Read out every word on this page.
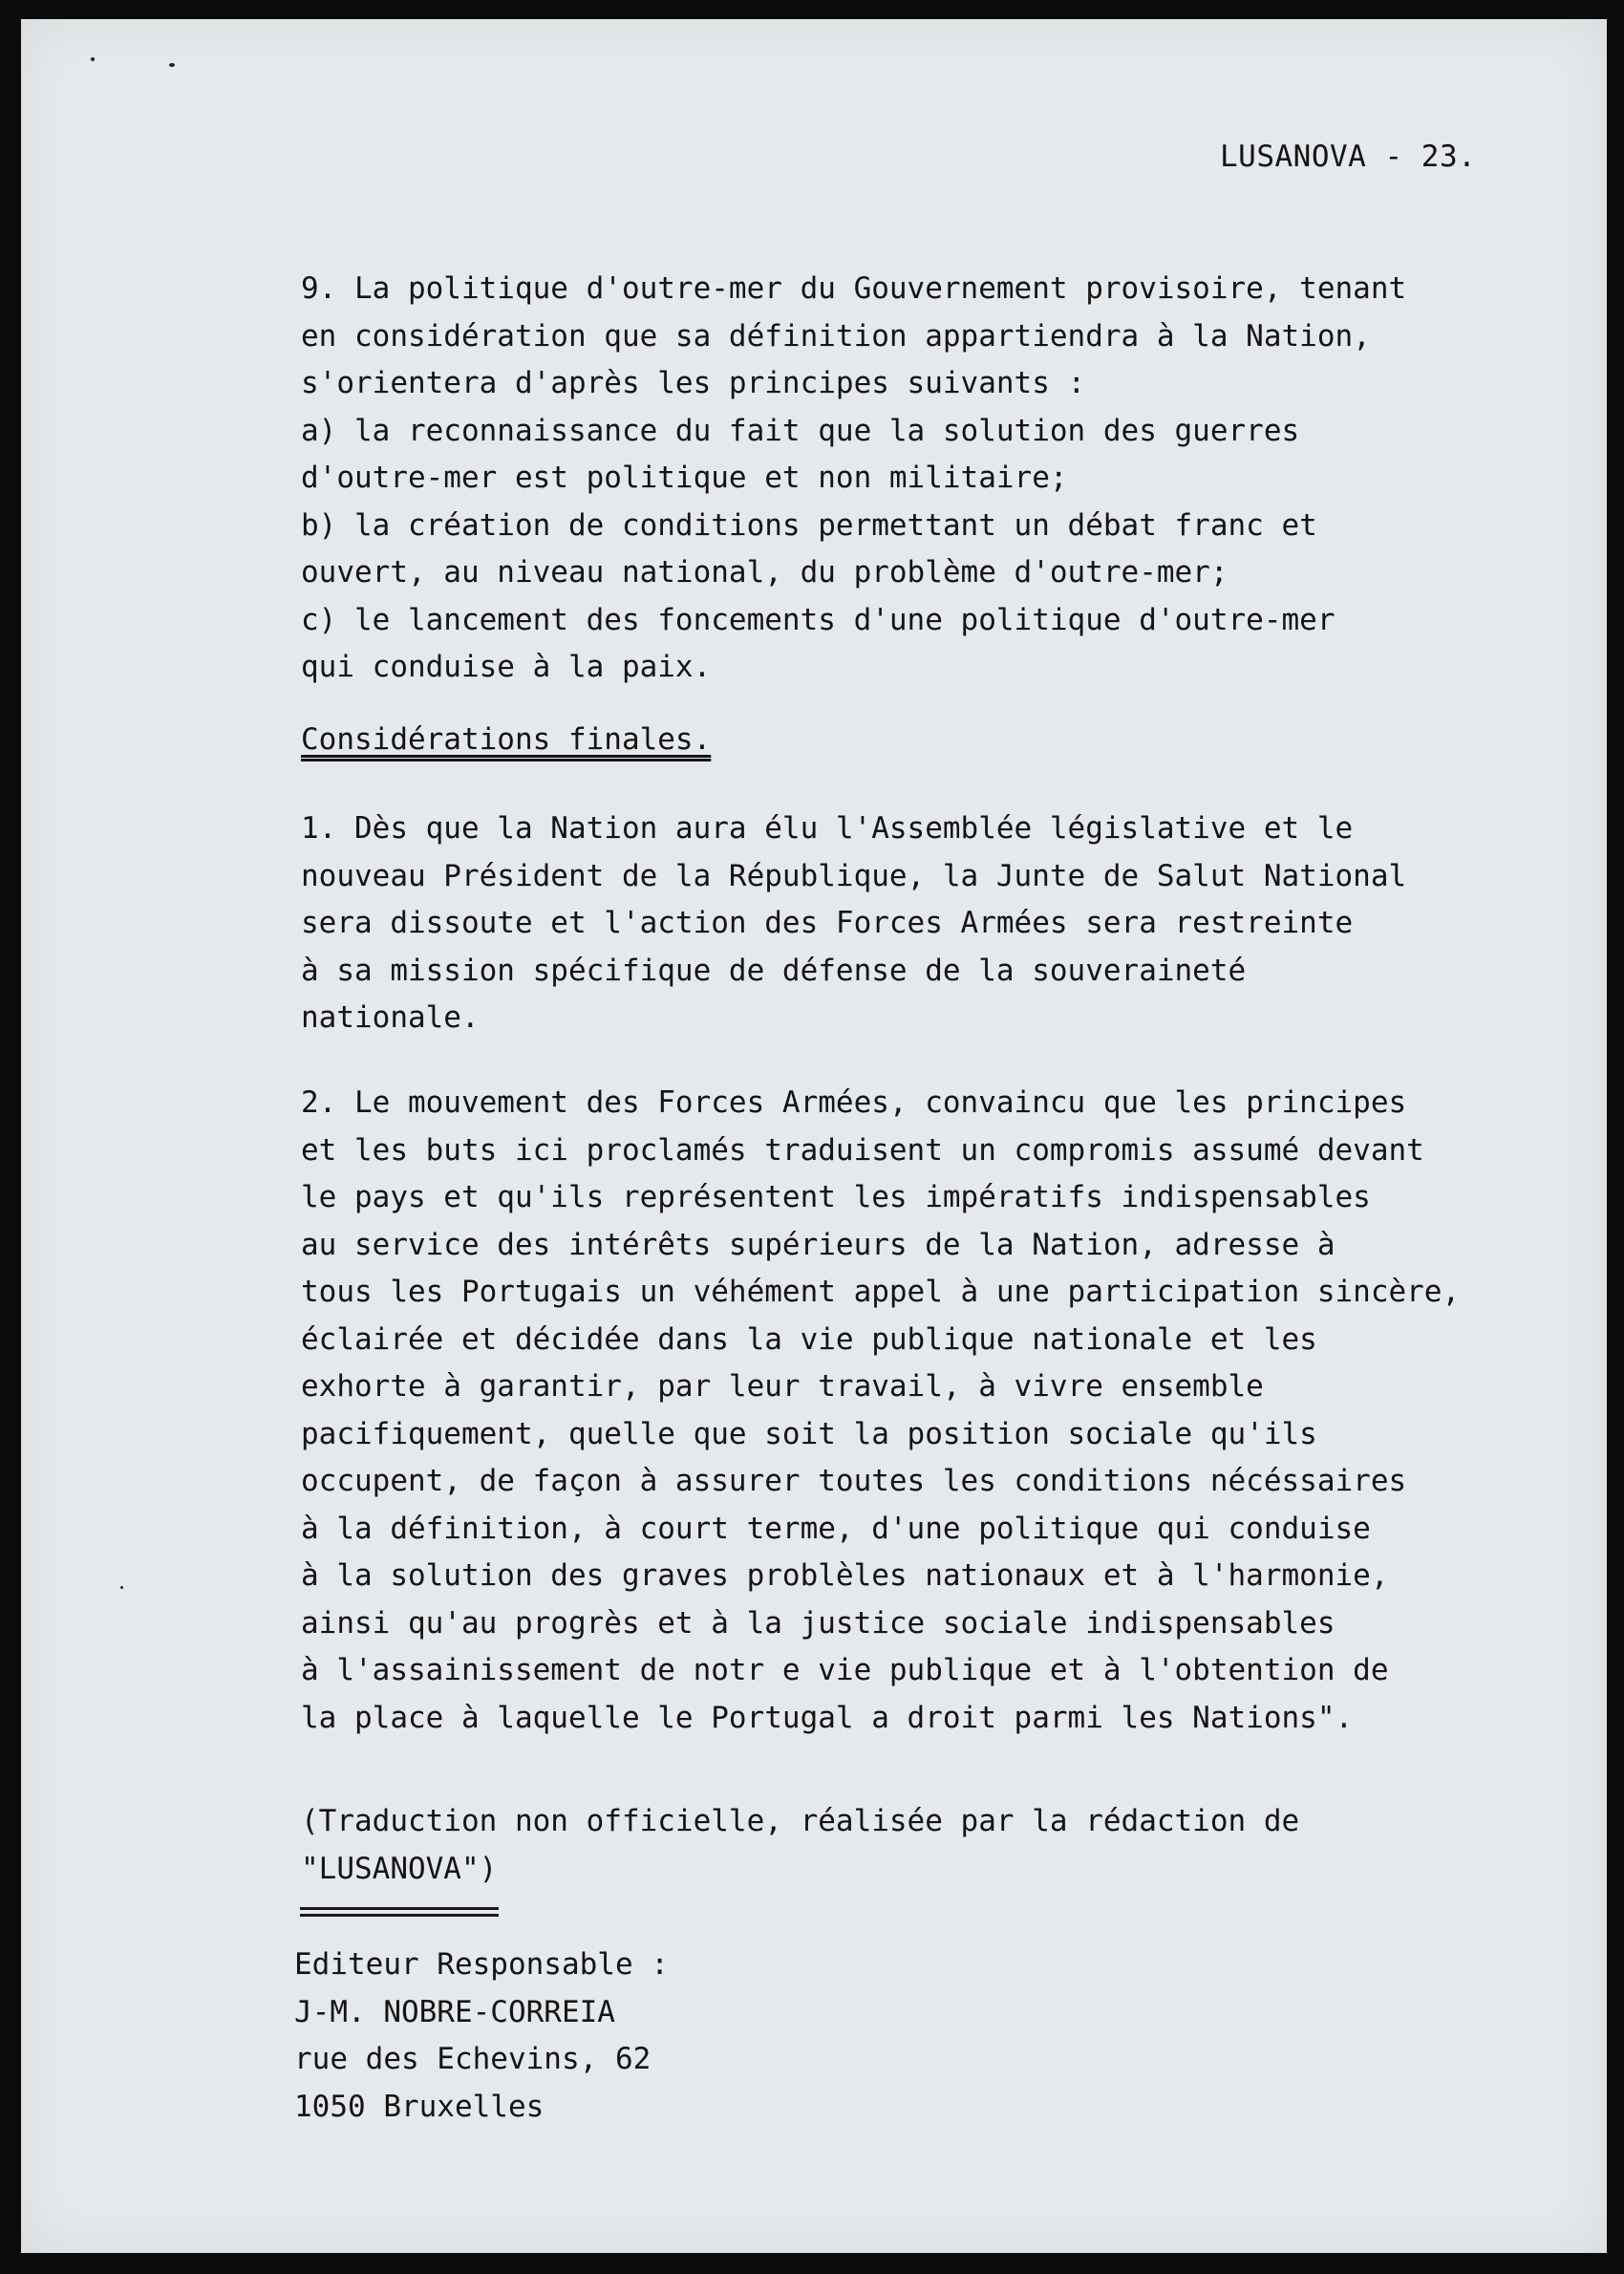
LUSANOVA - 23.

9. La politique d'outre-mer du Gouvernement provisoire, tenant
en considération que sa définition appartiendra à la Nation,
s'orientera d'après les principes suivants :
a) la reconnaissance du fait que la solution des guerres
d'outre-mer est politique et non militaire;
b) la création de conditions permettant un débat franc et
ouvert, au niveau national, du problème d'outre-mer;
c) le lancement des foncements d'une politique d'outre-mer
qui conduise à la paix.

Considérations finales.

1. Dès que la Nation aura élu l'Assemblée législative et le
nouveau Président de la République, la Junte de Salut National
sera dissoute et l'action des Forces Armées sera restreinte
à sa mission spécifique de défense de la souveraineté
nationale.

2. Le mouvement des Forces Armées, convaincu que les principes
et les buts ici proclamés traduisent un compromis assumé devant
le pays et qu'ils représentent les impératifs indispensables
au service des intérêts supérieurs de la Nation, adresse à
tous les Portugais un véhément appel à une participation sincère,
éclairée et décidée dans la vie publique nationale et les
exhorte à garantir, par leur travail, à vivre ensemble
pacifiquement, quelle que soit la position sociale qu'ils
occupent, de façon à assurer toutes les conditions nécéssaires
à la définition, à court terme, d'une politique qui conduise
à la solution des graves problèles nationaux et à l'harmonie,
ainsi qu'au progrès et à la justice sociale indispensables
à l'assainissement de notr e vie publique et à l'obtention de
la place à laquelle le Portugal a droit parmi les Nations".

(Traduction non officielle, réalisée par la rédaction de
"LUSANOVA")

Editeur Responsable :
J-M. NOBRE-CORREIA
rue des Echevins, 62
1050 Bruxelles
